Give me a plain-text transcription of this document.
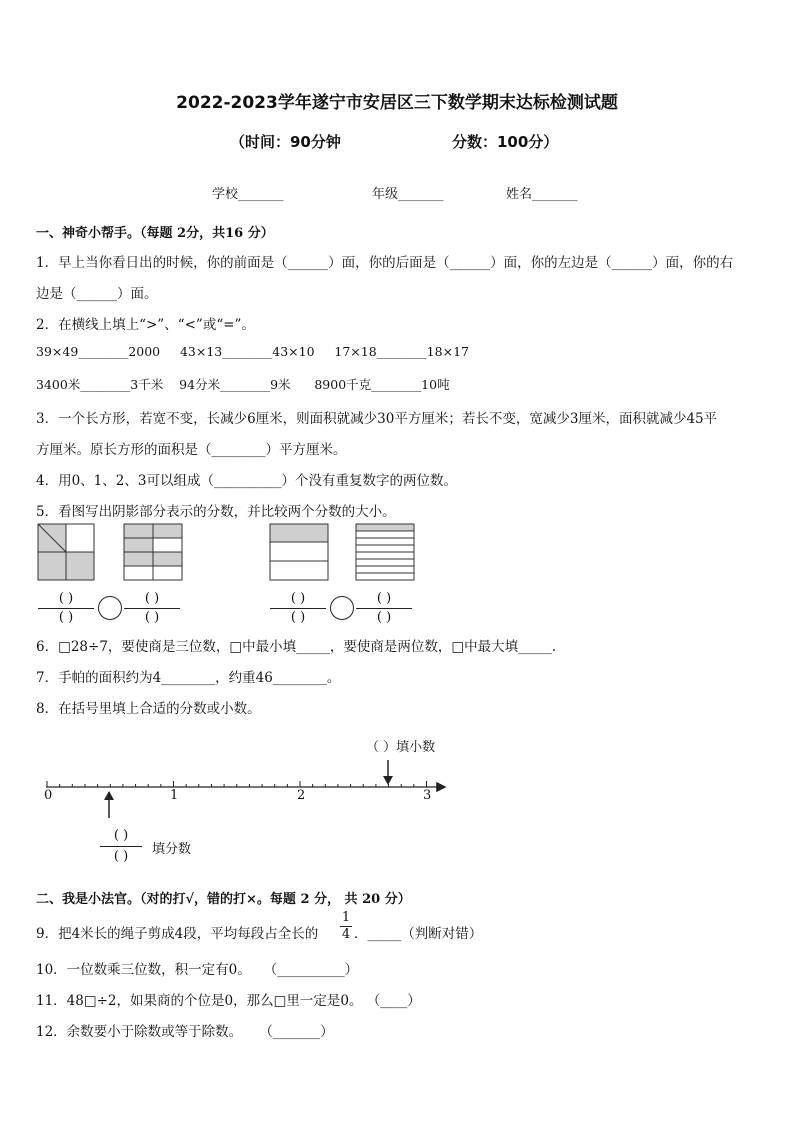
2022-2023学年遂宁市安居区三下数学期末达标检测试题
（时间：90分钟	分数：100分）
学校_______	年级_______	姓名_______
一、神奇小帮手。（每题 2分，共16 分）
1．早上当你看日出的时候，你的前面是（______）面，你的后面是（______）面，你的左边是（______）面，你的右
边是（______）面。
2．在横线上填上“>”、“<”或“=”。
39×49________2000     43×13________43×10     17×18________18×17
3400米________3千米    94分米________9米      8900千克________10吨
3．一个长方形，若宽不变，长减少6厘米，则面积就减少30平方厘米；若长不变，宽减少3厘米，面积就减少45平
方厘米。原长方形的面积是（________）平方厘米。
4．用0、1、2、3可以组成（__________）个没有重复数字的两位数。
5．看图写出阴影部分表示的分数，并比较两个分数的大小。
( )
( )
( )
( )
( )
( )
( )
( )
6．□28÷7，要使商是三位数，□中最小填_____，要使商是两位数，□中最大填_____.
7．手帕的面积约为4________，约重46________。
8．在括号里填上合适的分数或小数。
（ ）填小数
0	1	2	3
( )
( )	填分数
二、我是小法官。（对的打√，错的打×。每题 2 分， 共 20 分）
9．把4米长的绳子剪成4段，平均每段占全长的 $\frac{1}{4}$ ．_____（判断对错）
10．一位数乘三位数，积一定有0。   （__________）
11．48□÷2，如果商的个位是0，那么□里一定是0。 （____）
12．余数要小于除数或等于除数。    （_______）
